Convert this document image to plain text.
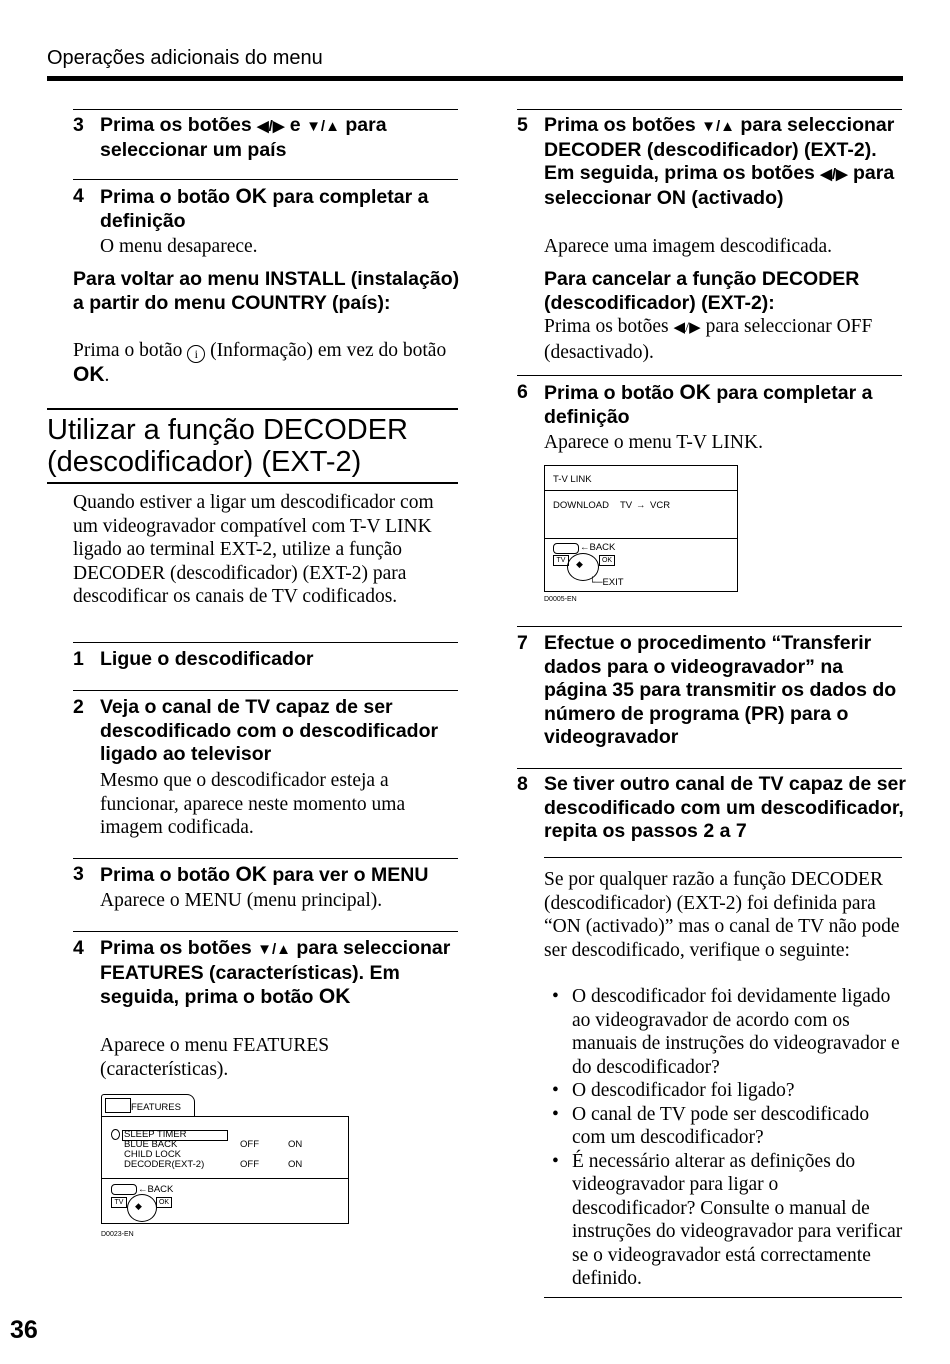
Operações adicionais do menu
3 Prima os botões ◀/▶ e ▼/▲ para seleccionar um país
4 Prima o botão OK para completar a definição
O menu desaparece.
Para voltar ao menu INSTALL (instalação) a partir do menu COUNTRY (país):
Prima o botão i (Informação) em vez do botão OK.
Utilizar a função DECODER (descodificador) (EXT-2)
Quando estiver a ligar um descodificador com um videogravador compatível com T-V LINK ligado ao terminal EXT-2, utilize a função DECODER (descodificador) (EXT-2) para descodificar os canais de TV codificados.
1 Ligue o descodificador
2 Veja o canal de TV capaz de ser descodificado com o descodificador ligado ao televisor
Mesmo que o descodificador esteja a funcionar, aparece neste momento uma imagem codificada.
3 Prima o botão OK para ver o MENU
Aparece o MENU (menu principal).
4 Prima os botões ▼/▲ para seleccionar FEATURES (características). Em seguida, prima o botão OK
Aparece o menu FEATURES (características).
FEATURES
SLEEP TIMER
BLUE BACK
CHILD LOCK
DECODER(EXT-2)
OFF	ON
OFF	ON
←BACK
TV	◆	OK
D0023-EN
5 Prima os botões ▼/▲ para seleccionar DECODER (descodificador) (EXT-2). Em seguida, prima os botões ◀/▶ para seleccionar ON (activado)
Aparece uma imagem descodificada.
Para cancelar a função DECODER (descodificador) (EXT-2):
Prima os botões ◀/▶ para seleccionar OFF (desactivado).
6 Prima o botão OK para completar a definição
Aparece o menu T-V LINK.
T-V LINK
DOWNLOAD TV → VCR
←BACK
TV	◆	OK
└─EXIT
D0005-EN
7 Efectue o procedimento “Transferir dados para o videogravador” na página 35 para transmitir os dados do número de programa (PR) para o videogravador
8 Se tiver outro canal de TV capaz de ser descodificado com um descodificador, repita os passos 2 a 7
Se por qualquer razão a função DECODER (descodificador) (EXT-2) foi definida para “ON (activado)” mas o canal de TV não pode ser descodificado, verifique o seguinte:
• O descodificador foi devidamente ligado ao videogravador de acordo com os manuais de instruções do videogravador e do descodificador?
• O descodificador foi ligado?
• O canal de TV pode ser descodificado com um descodificador?
• É necessário alterar as definições do videogravador para ligar o descodificador? Consulte o manual de instruções do videogravador para verificar se o videogravador está correctamente definido.
36
